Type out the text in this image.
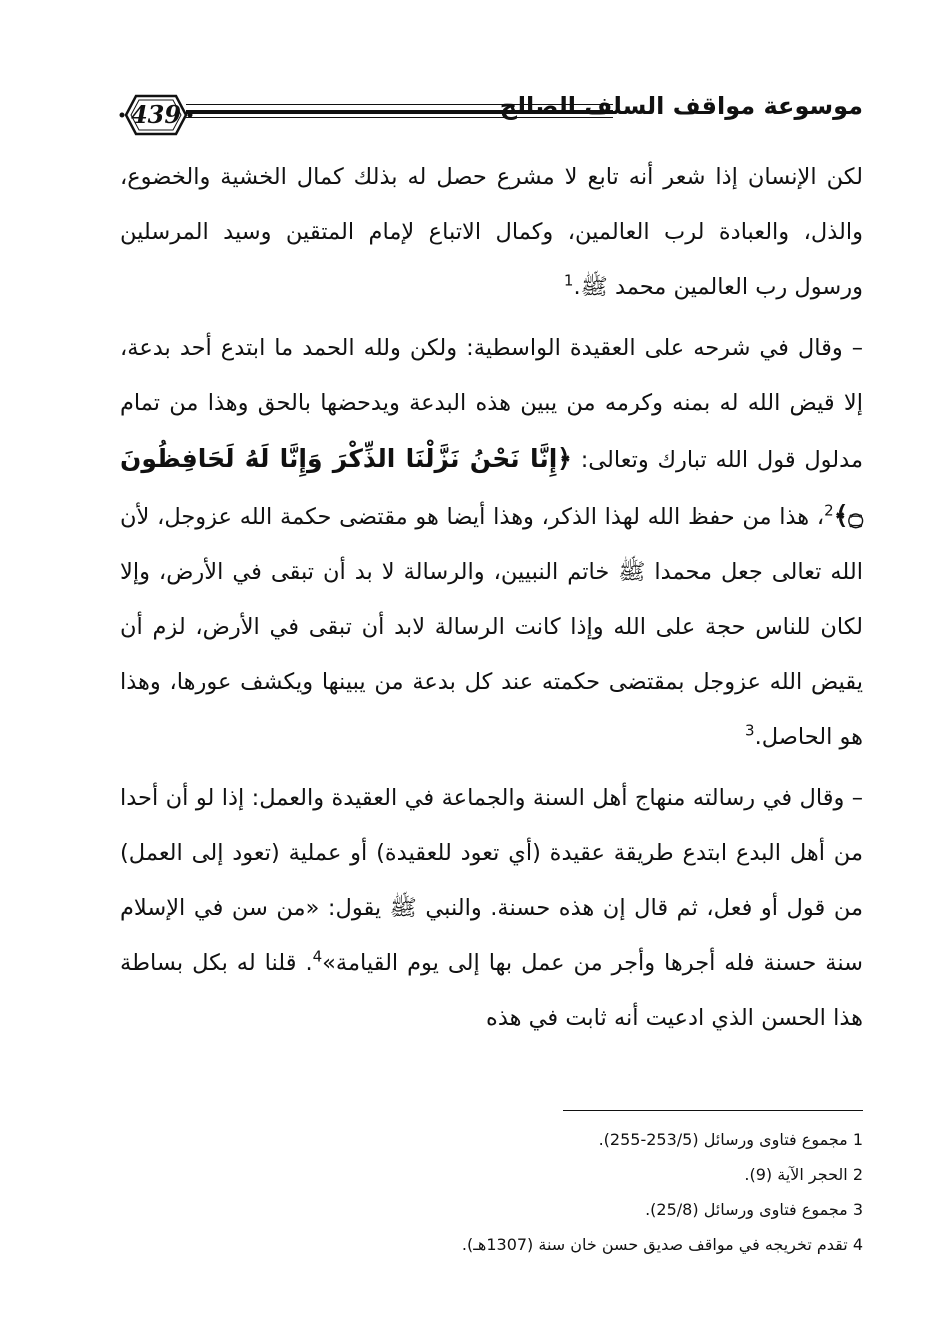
439	موسوعة مواقف السلف الصالح

لكن الإنسان إذا شعر أنه تابع لا مشرع حصل له بذلك كمال الخشية والخضوع، والذل، والعبادة لرب العالمين، وكمال الاتباع لإمام المتقين وسيد المرسلين ورسول رب العالمين محمد ﷺ.$^1$

– وقال في شرحه على العقيدة الواسطية: ولكن ولله الحمد ما ابتدع أحد بدعة، إلا قيض الله له بمنه وكرمه من يبين هذه البدعة ويدحضها بالحق وهذا من تمام مدلول قول الله تبارك وتعالى: ﴿إِنَّا نَحْنُ نَزَّلْنَا الذِّكْرَ وَإِنَّا لَهُ لَحَافِظُونَ ۝﴾$^2$، هذا من حفظ الله لهذا الذكر، وهذا أيضا هو مقتضى حكمة الله عزوجل، لأن الله تعالى جعل محمدا ﷺ خاتم النبيين، والرسالة لا بد أن تبقى في الأرض، وإلا لكان للناس حجة على الله وإذا كانت الرسالة لابد أن تبقى في الأرض، لزم أن يقيض الله عزوجل بمقتضى حكمته عند كل بدعة من يبينها ويكشف عورها، وهذا هو الحاصل.$^3$

– وقال في رسالته منهاج أهل السنة والجماعة في العقيدة والعمل: إذا لو أن أحدا من أهل البدع ابتدع طريقة عقيدة (أي تعود للعقيدة) أو عملية (تعود إلى العمل) من قول أو فعل، ثم قال إن هذه حسنة. والنبي ﷺ يقول: «من سن في الإسلام سنة حسنة فله أجرها وأجر من عمل بها إلى يوم القيامة»$^4$. قلنا له بكل بساطة هذا الحسن الذي ادعيت أنه ثابت في هذه

1 مجموع فتاوى ورسائل (253/5-255).
2 الحجر الآية (9).
3 مجموع فتاوى ورسائل (25/8).
4 تقدم تخريجه في مواقف صديق حسن خان سنة (1307هـ).
